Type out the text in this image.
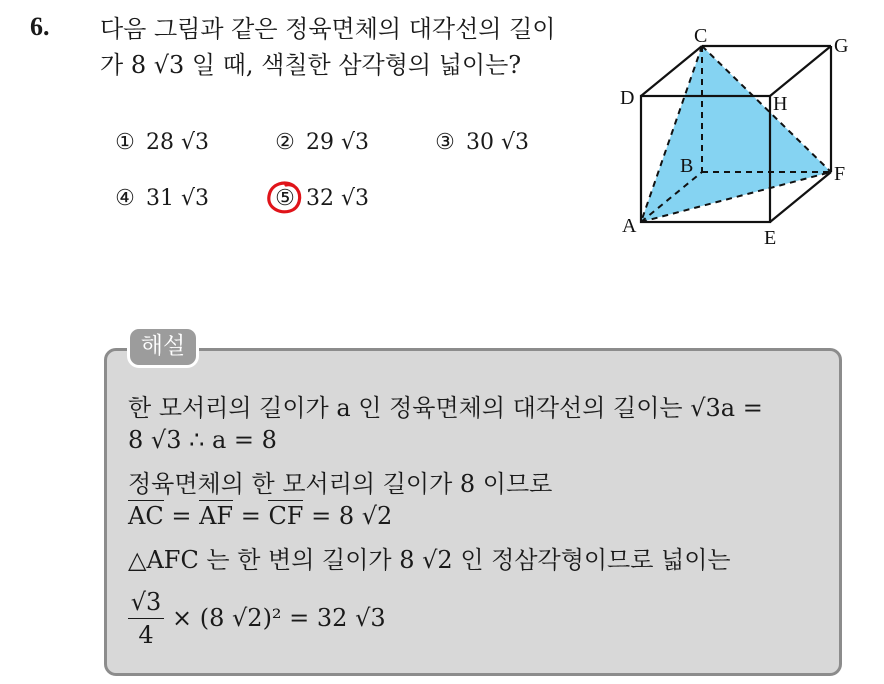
6. 다음 그림과 같은 정육면체의 대각선의 길이
가 8 √3 일 때, 색칠한 삼각형의 넓이는?
① 28 √3	② 29 √3	③ 30 √3
④ 31 √3	⑤ 32 √3
C	G
D	H
B	F
A
E
해설
한 모서리의 길이가 a 인 정육면체의 대각선의 길이는 √3a =
8 √3 ∴ a = 8
정육면체의 한 모서리의 길이가 8 이므로
AC = AF = CF = 8 √2
△AFC 는 한 변의 길이가 8 √2 인 정삼각형이므로 넓이는
$\frac{√3}{4} \times (8$ √2)² = 32 √3
